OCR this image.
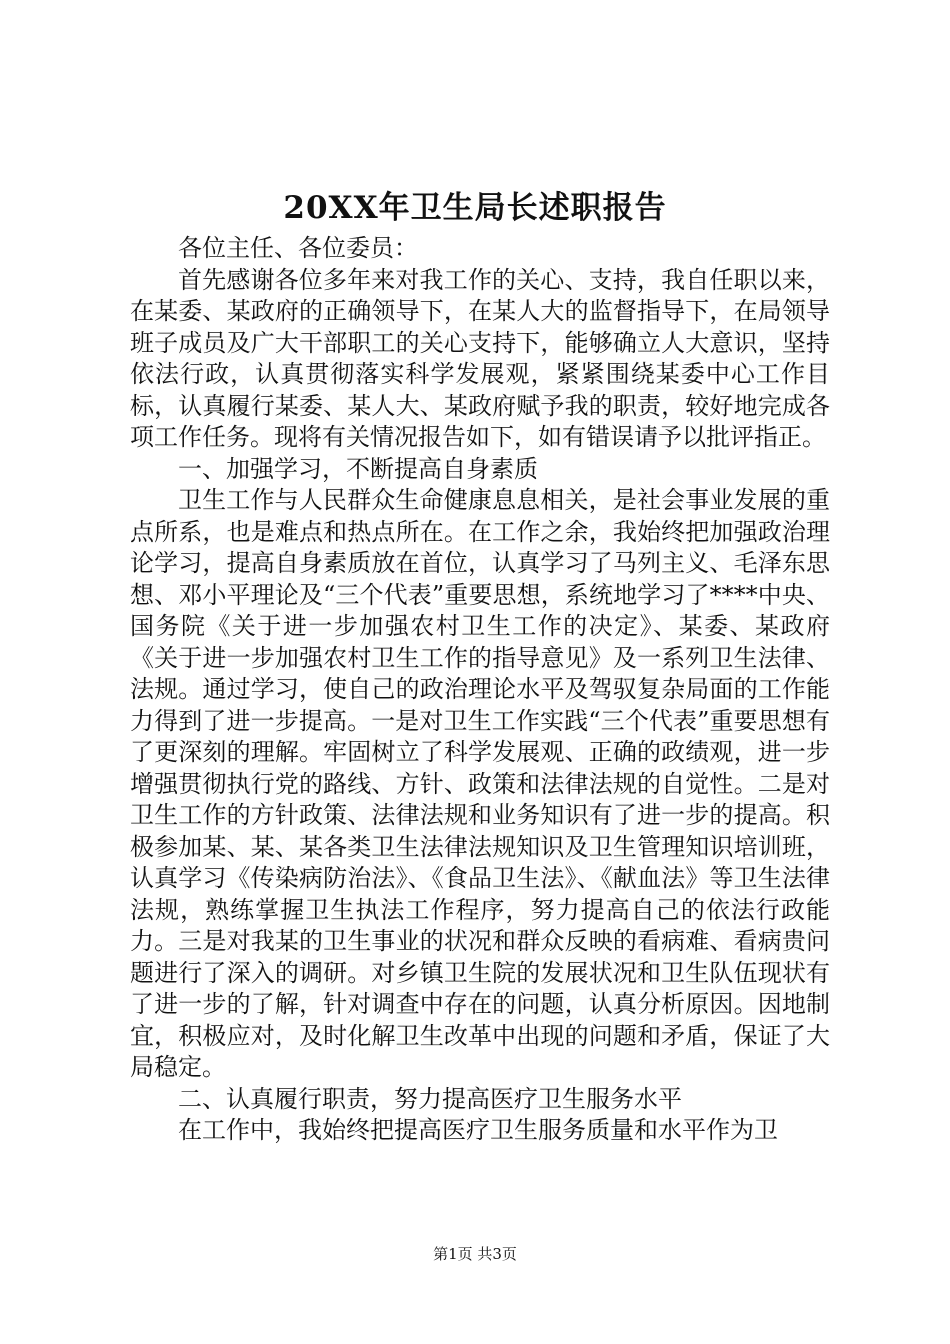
20XX年卫生局长述职报告

各位主任、各位委员：

首先感谢各位多年来对我工作的关心、支持，我自任职以来，在某委、某政府的正确领导下，在某人大的监督指导下，在局领导班子成员及广大干部职工的关心支持下，能够确立人大意识，坚持依法行政，认真贯彻落实科学发展观，紧紧围绕某委中心工作目标，认真履行某委、某人大、某政府赋予我的职责，较好地完成各项工作任务。现将有关情况报告如下，如有错误请予以批评指正。

一、加强学习，不断提高自身素质

卫生工作与人民群众生命健康息息相关，是社会事业发展的重点所系，也是难点和热点所在。在工作之余，我始终把加强政治理论学习，提高自身素质放在首位，认真学习了马列主义、毛泽东思想、邓小平理论及“三个代表”重要思想，系统地学习了****中央、国务院《关于进一步加强农村卫生工作的决定》、某委、某政府《关于进一步加强农村卫生工作的指导意见》及一系列卫生法律、法规。通过学习，使自己的政治理论水平及驾驭复杂局面的工作能力得到了进一步提高。一是对卫生工作实践“三个代表”重要思想有了更深刻的理解。牢固树立了科学发展观、正确的政绩观，进一步增强贯彻执行党的路线、方针、政策和法律法规的自觉性。二是对卫生工作的方针政策、法律法规和业务知识有了进一步的提高。积极参加某、某、某各类卫生法律法规知识及卫生管理知识培训班，认真学习《传染病防治法》、《食品卫生法》、《献血法》等卫生法律法规，熟练掌握卫生执法工作程序，努力提高自己的依法行政能力。三是对我某的卫生事业的状况和群众反映的看病难、看病贵问题进行了深入的调研。对乡镇卫生院的发展状况和卫生队伍现状有了进一步的了解，针对调查中存在的问题，认真分析原因。因地制宜，积极应对，及时化解卫生改革中出现的问题和矛盾，保证了大局稳定。

二、认真履行职责，努力提高医疗卫生服务水平

在工作中，我始终把提高医疗卫生服务质量和水平作为卫

第1页 共3页
